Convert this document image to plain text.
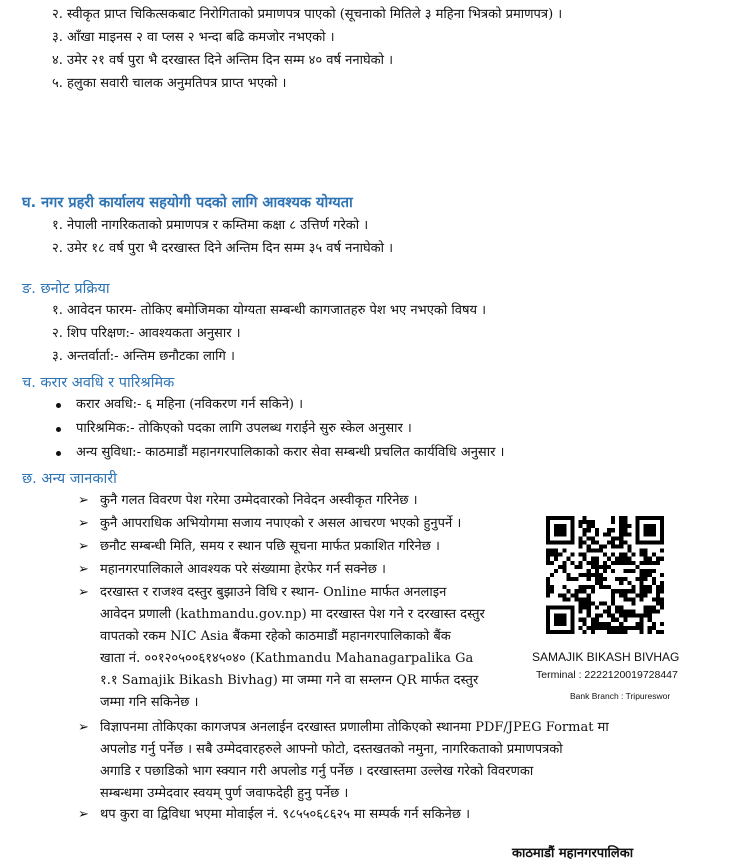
२. स्वीकृत प्राप्त चिकित्सकबाट निरोगिताको प्रमाणपत्र पाएको (सूचनाको मितिले ३ महिना भित्रको प्रमाणपत्र) ।
३. आँखा माइनस २ वा प्लस २ भन्दा बढि कमजोर नभएको ।
४. उमेर २१ वर्ष पुरा भै दरखास्त दिने अन्तिम दिन सम्म ४० वर्ष ननाघेको ।
५. हलुका सवारी चालक अनुमतिपत्र प्राप्त भएको ।
घ. नगर प्रहरी कार्यालय सहयोगी पदको लागि आवश्यक योग्यता
१. नेपाली नागरिकताको प्रमाणपत्र र कम्तिमा कक्षा ८ उत्तिर्ण गरेको ।
२. उमेर १८ वर्ष पुरा भै दरखास्त दिने अन्तिम दिन सम्म ३५ वर्ष ननाघेको ।
ङ. छनोट प्रक्रिया
१. आवेदन फारम- तोकिए बमोजिमका योग्यता सम्बन्धी कागजातहरु पेश भए नभएको विषय ।
२. शिप परिक्षण:- आवश्यकता अनुसार ।
३. अन्तर्वार्ता:- अन्तिम छनौटका लागि ।
च. करार अवधि र पारिश्रमिक
करार अवधि:- ६ महिना (नविकरण गर्न सकिने) ।
पारिश्रमिक:- तोकिएको पदका लागि उपलब्ध गराईने सुरु स्केल अनुसार ।
अन्य सुविधा:- काठमाडौं महानगरपालिकाको करार सेवा सम्बन्धी प्रचलित कार्यविधि अनुसार ।
छ. अन्य जानकारी
➢ कुनै गलत विवरण पेश गरेमा उम्मेदवारको निवेदन अस्वीकृत गरिनेछ ।
➢ कुनै आपराधिक अभियोगमा सजाय नपाएको र असल आचरण भएको हुनुपर्ने ।
➢ छनौट सम्बन्धी मिति, समय र स्थान पछि सूचना मार्फत प्रकाशित गरिनेछ ।
➢ महानगरपालिकाले आवश्यक परे संख्यामा हेरफेर गर्न सक्नेछ ।
➢ दरखास्त र राजश्व दस्तुर बुझाउने विधि र स्थान- Online मार्फत अनलाइन
आवेदन प्रणाली (kathmandu.gov.np) मा दरखास्त पेश गने र दरखास्त दस्तुर
वापतको रकम NIC Asia बैंकमा रहेको काठमाडौं महानगरपालिकाको बैंक
खाता नं. ००१२०५००६१४५०४० (Kathmandu Mahanagarpalika Ga
१.१ Samajik Bikash Bivhag) मा जम्मा गने वा सम्लग्न QR मार्फत दस्तुर
जम्मा गनि सकिनेछ ।
➢ विज्ञापनमा तोकिएका कागजपत्र अनलाईन दरखास्त प्रणालीमा तोकिएको स्थानमा PDF/JPEG Format मा
अपलोड गर्नु पर्नेछ । सबै उम्मेदवारहरुले आफ्नो फोटो, दस्तखतको नमुना, नागरिकताको प्रमाणपत्रको
अगाडि र पछाडिको भाग स्क्यान गरी अपलोड गर्नु पर्नेछ । दरखास्तमा उल्लेख गरेको विवरणका
सम्बन्धमा उम्मेदवार स्वयम् पुर्ण जवाफदेही हुनु पर्नेछ ।
➢ थप कुरा वा द्विविधा भएमा मोवाईल नं. ९८५५०६८६२५ मा सम्पर्क गर्न सकिनेछ ।
SAMAJIK BIKASH BIVHAG
Terminal : 2222120019728447
Bank Branch : Tripureswor
काठमाडौं महानगरपालिका
